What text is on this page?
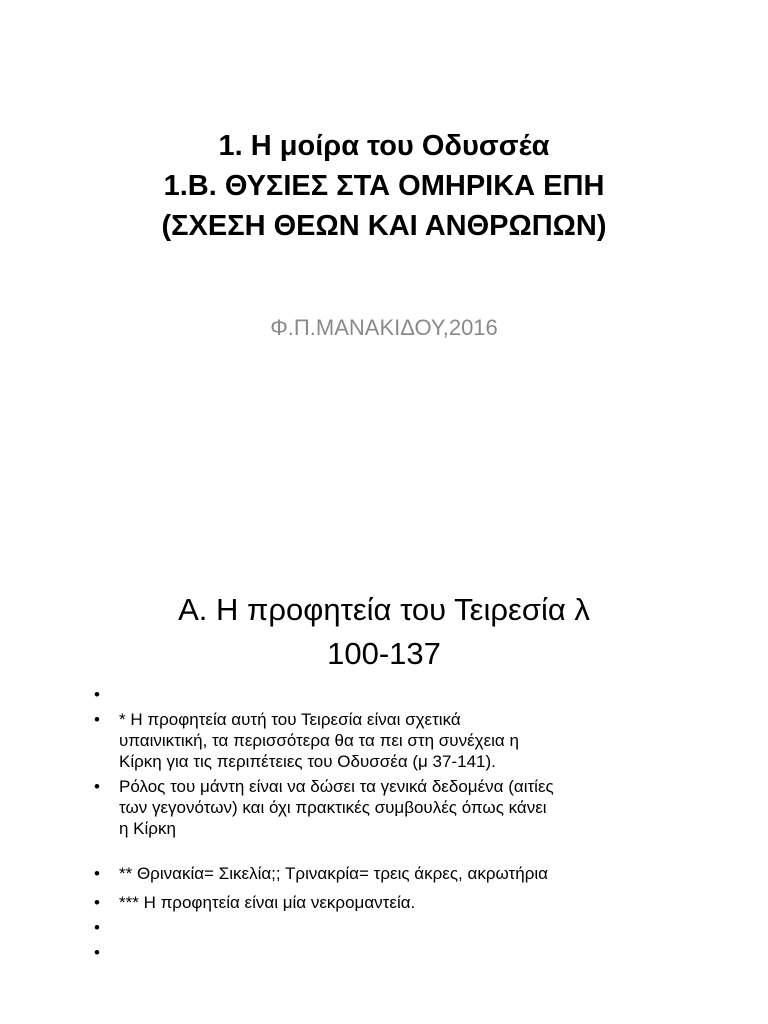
1. Η μοίρα του Οδυσσέα
1.Β. ΘΥΣΙΕΣ ΣΤΑ ΟΜΗΡΙΚΑ ΕΠΗ
(ΣΧΕΣΗ ΘΕΩΝ ΚΑΙ ΑΝΘΡΩΠΩΝ)
Φ.Π.ΜΑΝΑΚΙΔΟΥ,2016
Α. Η προφητεία του Τειρεσία λ
100-137
•
• * Η προφητεία αυτή του Τειρεσία είναι σχετικά
υπαινικτική, τα περισσότερα θα τα πει στη συνέχεια η
Κίρκη για τις περιπέτειες του Οδυσσέα (μ 37-141).
• Ρόλος του μάντη είναι να δώσει τα γενικά δεδομένα (αιτίες
των γεγονότων) και όχι πρακτικές συμβουλές όπως κάνει
η Κίρκη
• ** Θρινακία= Σικελία;; Τρινακρία= τρεις άκρες, ακρωτήρια
• *** Η προφητεία είναι μία νεκρομαντεία.
•
•
